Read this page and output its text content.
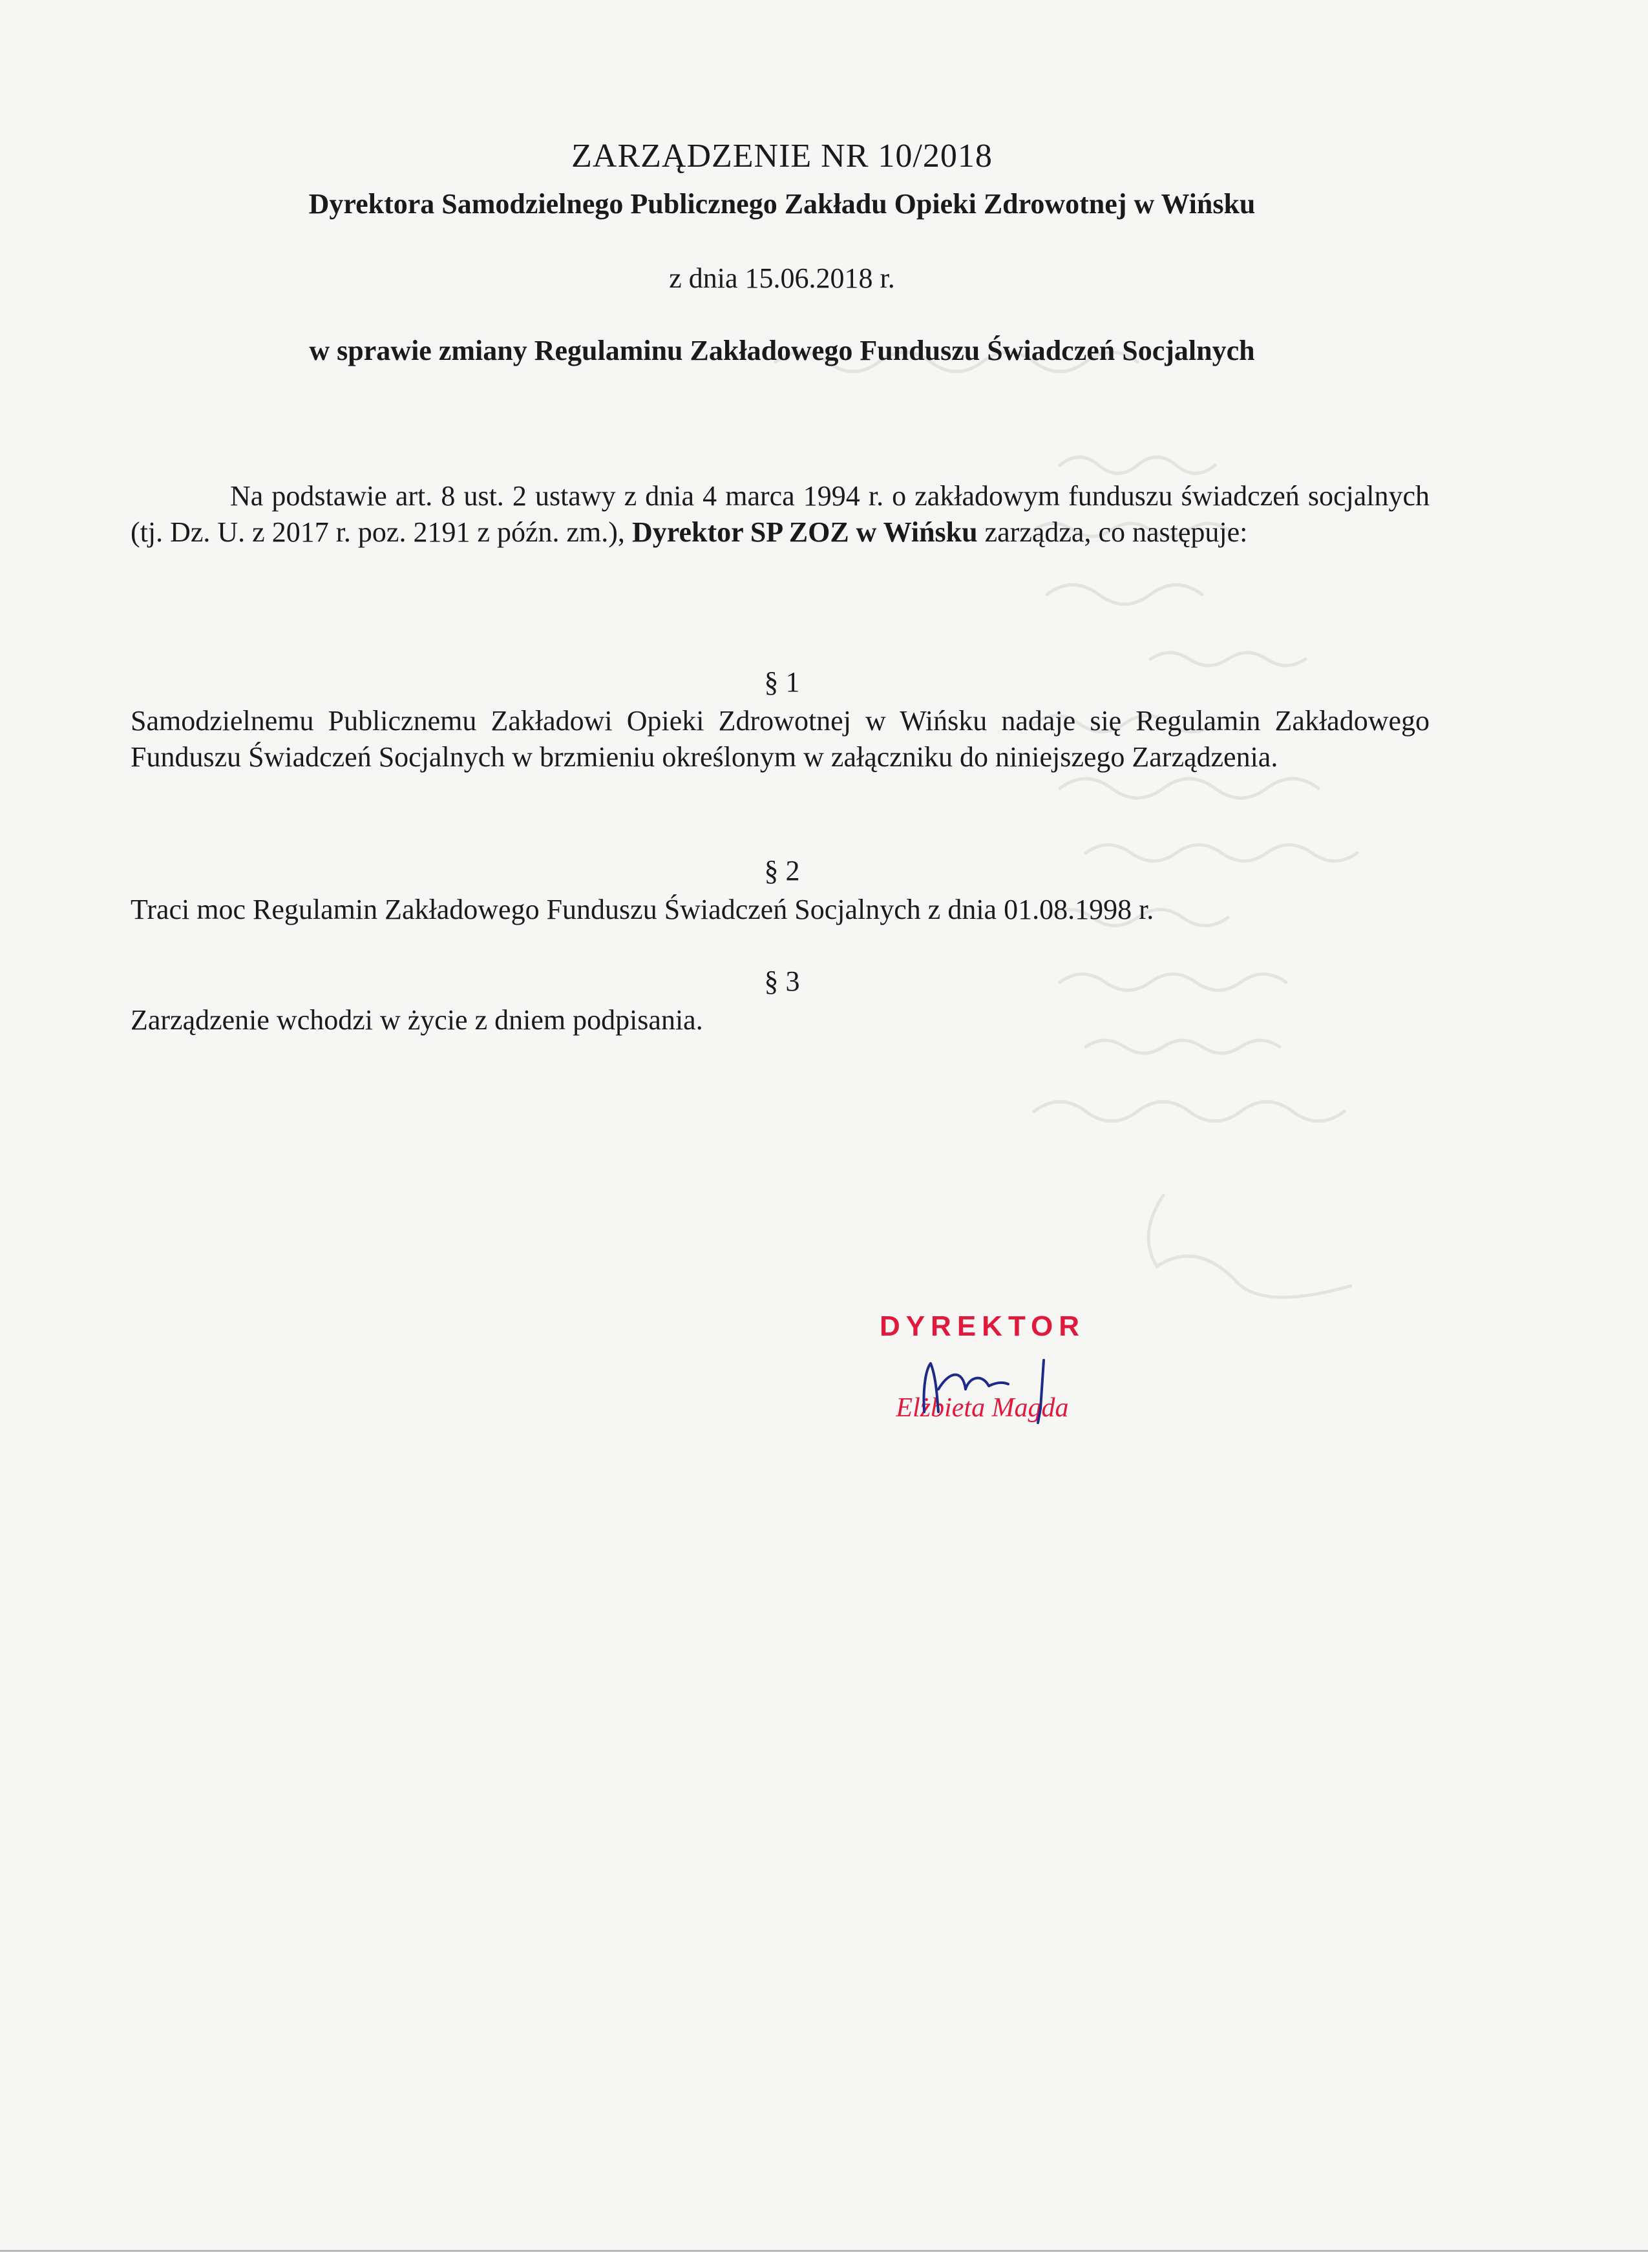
ZARZĄDZENIE NR 10/2018
Dyrektora Samodzielnego Publicznego Zakładu Opieki Zdrowotnej w Wińsku
z dnia 15.06.2018 r.
w sprawie zmiany Regulaminu Zakładowego Funduszu Świadczeń Socjalnych
Na podstawie art. 8 ust. 2 ustawy z dnia 4 marca 1994 r. o zakładowym funduszu świadczeń socjalnych (tj. Dz. U. z 2017 r. poz. 2191 z późn. zm.), Dyrektor SP ZOZ w Wińsku zarządza, co następuje:
§ 1
Samodzielnemu Publicznemu Zakładowi Opieki Zdrowotnej w Wińsku nadaje się Regulamin Zakładowego Funduszu Świadczeń Socjalnych w brzmieniu określonym w załączniku do niniejszego Zarządzenia.
§ 2
Traci moc Regulamin Zakładowego Funduszu Świadczeń Socjalnych z dnia 01.08.1998 r.
§ 3
Zarządzenie wchodzi w życie z dniem podpisania.
DYREKTOR
Elżbieta Magda
